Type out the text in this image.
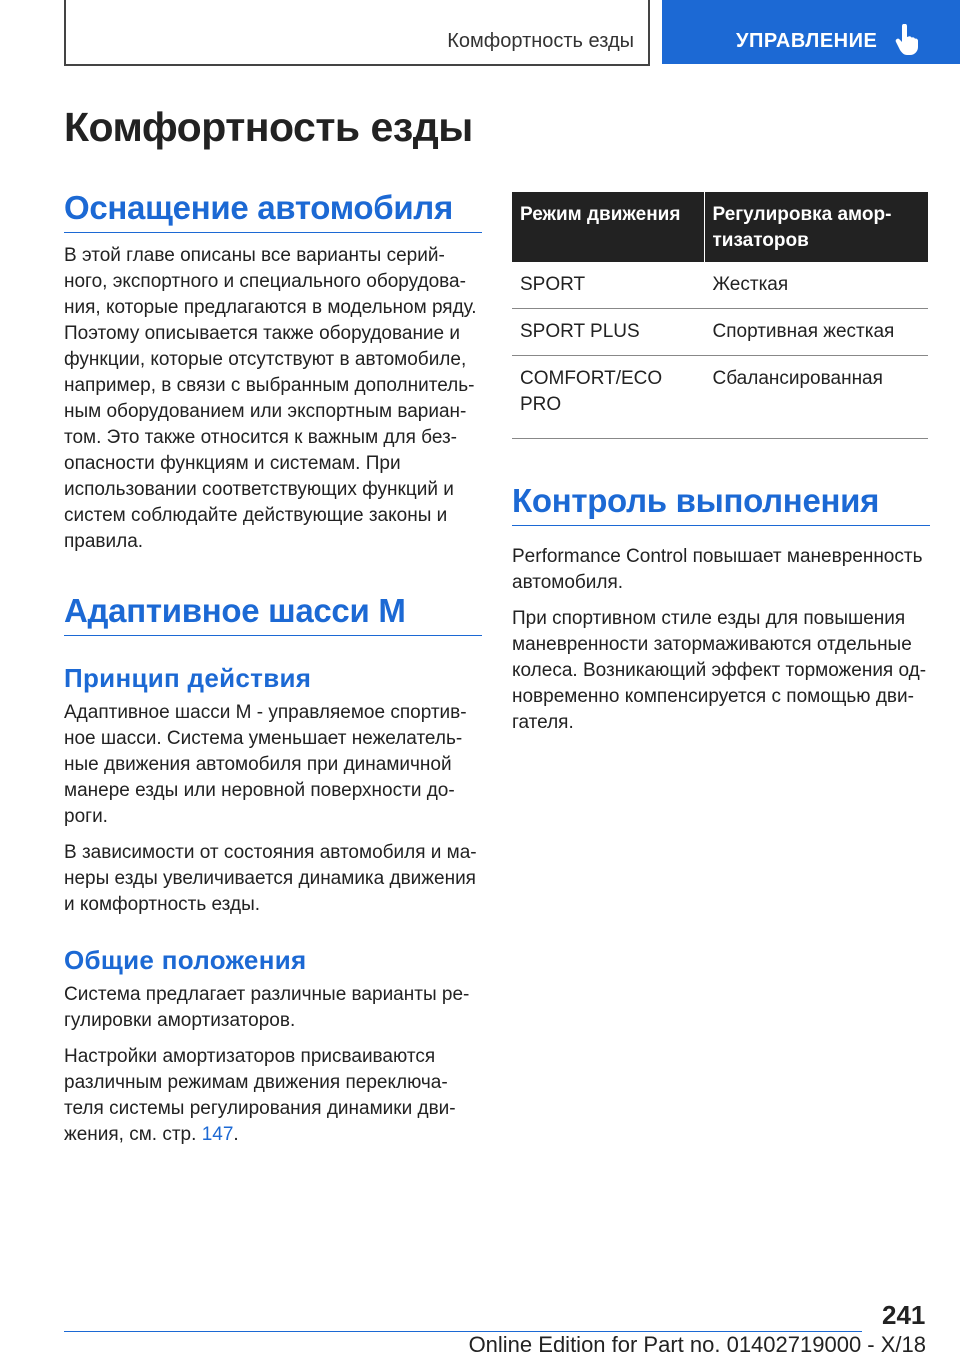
Комфортность езды	УПРАВЛЕНИЕ
Комфортность езды
Оснащение автомобиля

В этой главе описаны все варианты серий-ного, экспортного и специального оборудова-ния, которые предлагаются в модельном ряду. Поэтому описывается также оборудование и функции, которые отсутствуют в автомобиле, например, в связи с выбранным дополнитель-ным оборудованием или экспортным вариан-том. Это также относится к важным для без-опасности функциям и системам. При использовании соответствующих функций и систем соблюдайте действующие законы и правила.

Адаптивное шасси M
Принцип действия

Адаптивное шасси M - управляемое спортив-ное шасси. Система уменьшает нежелатель-ные движения автомобиля при динамичной манере езды или неровной поверхности до-роги.

В зависимости от состояния автомобиля и ма-неры езды увеличивается динамика движения и комфортность езды.

Общие положения

Система предлагает различные варианты ре-гулировки амортизаторов.

Настройки амортизаторов присваиваются различным режимам движения переключа-теля системы регулирования динамики дви-жения, см. стр. 147.

Режим движения	Регулировка амор-тизаторов
SPORT	Жесткая
SPORT PLUS	Спортивная жесткая
COMFORT/ECO PRO	Сбалансированная
Контроль выполнения

Performance Control повышает маневренность автомобиля.

При спортивном стиле езды для повышения маневренности затормаживаются отдельные колеса. Возникающий эффект торможения од-новременно компенсируется с помощью дви-гателя.

241
Online Edition for Part no. 01402719000 - X/18
